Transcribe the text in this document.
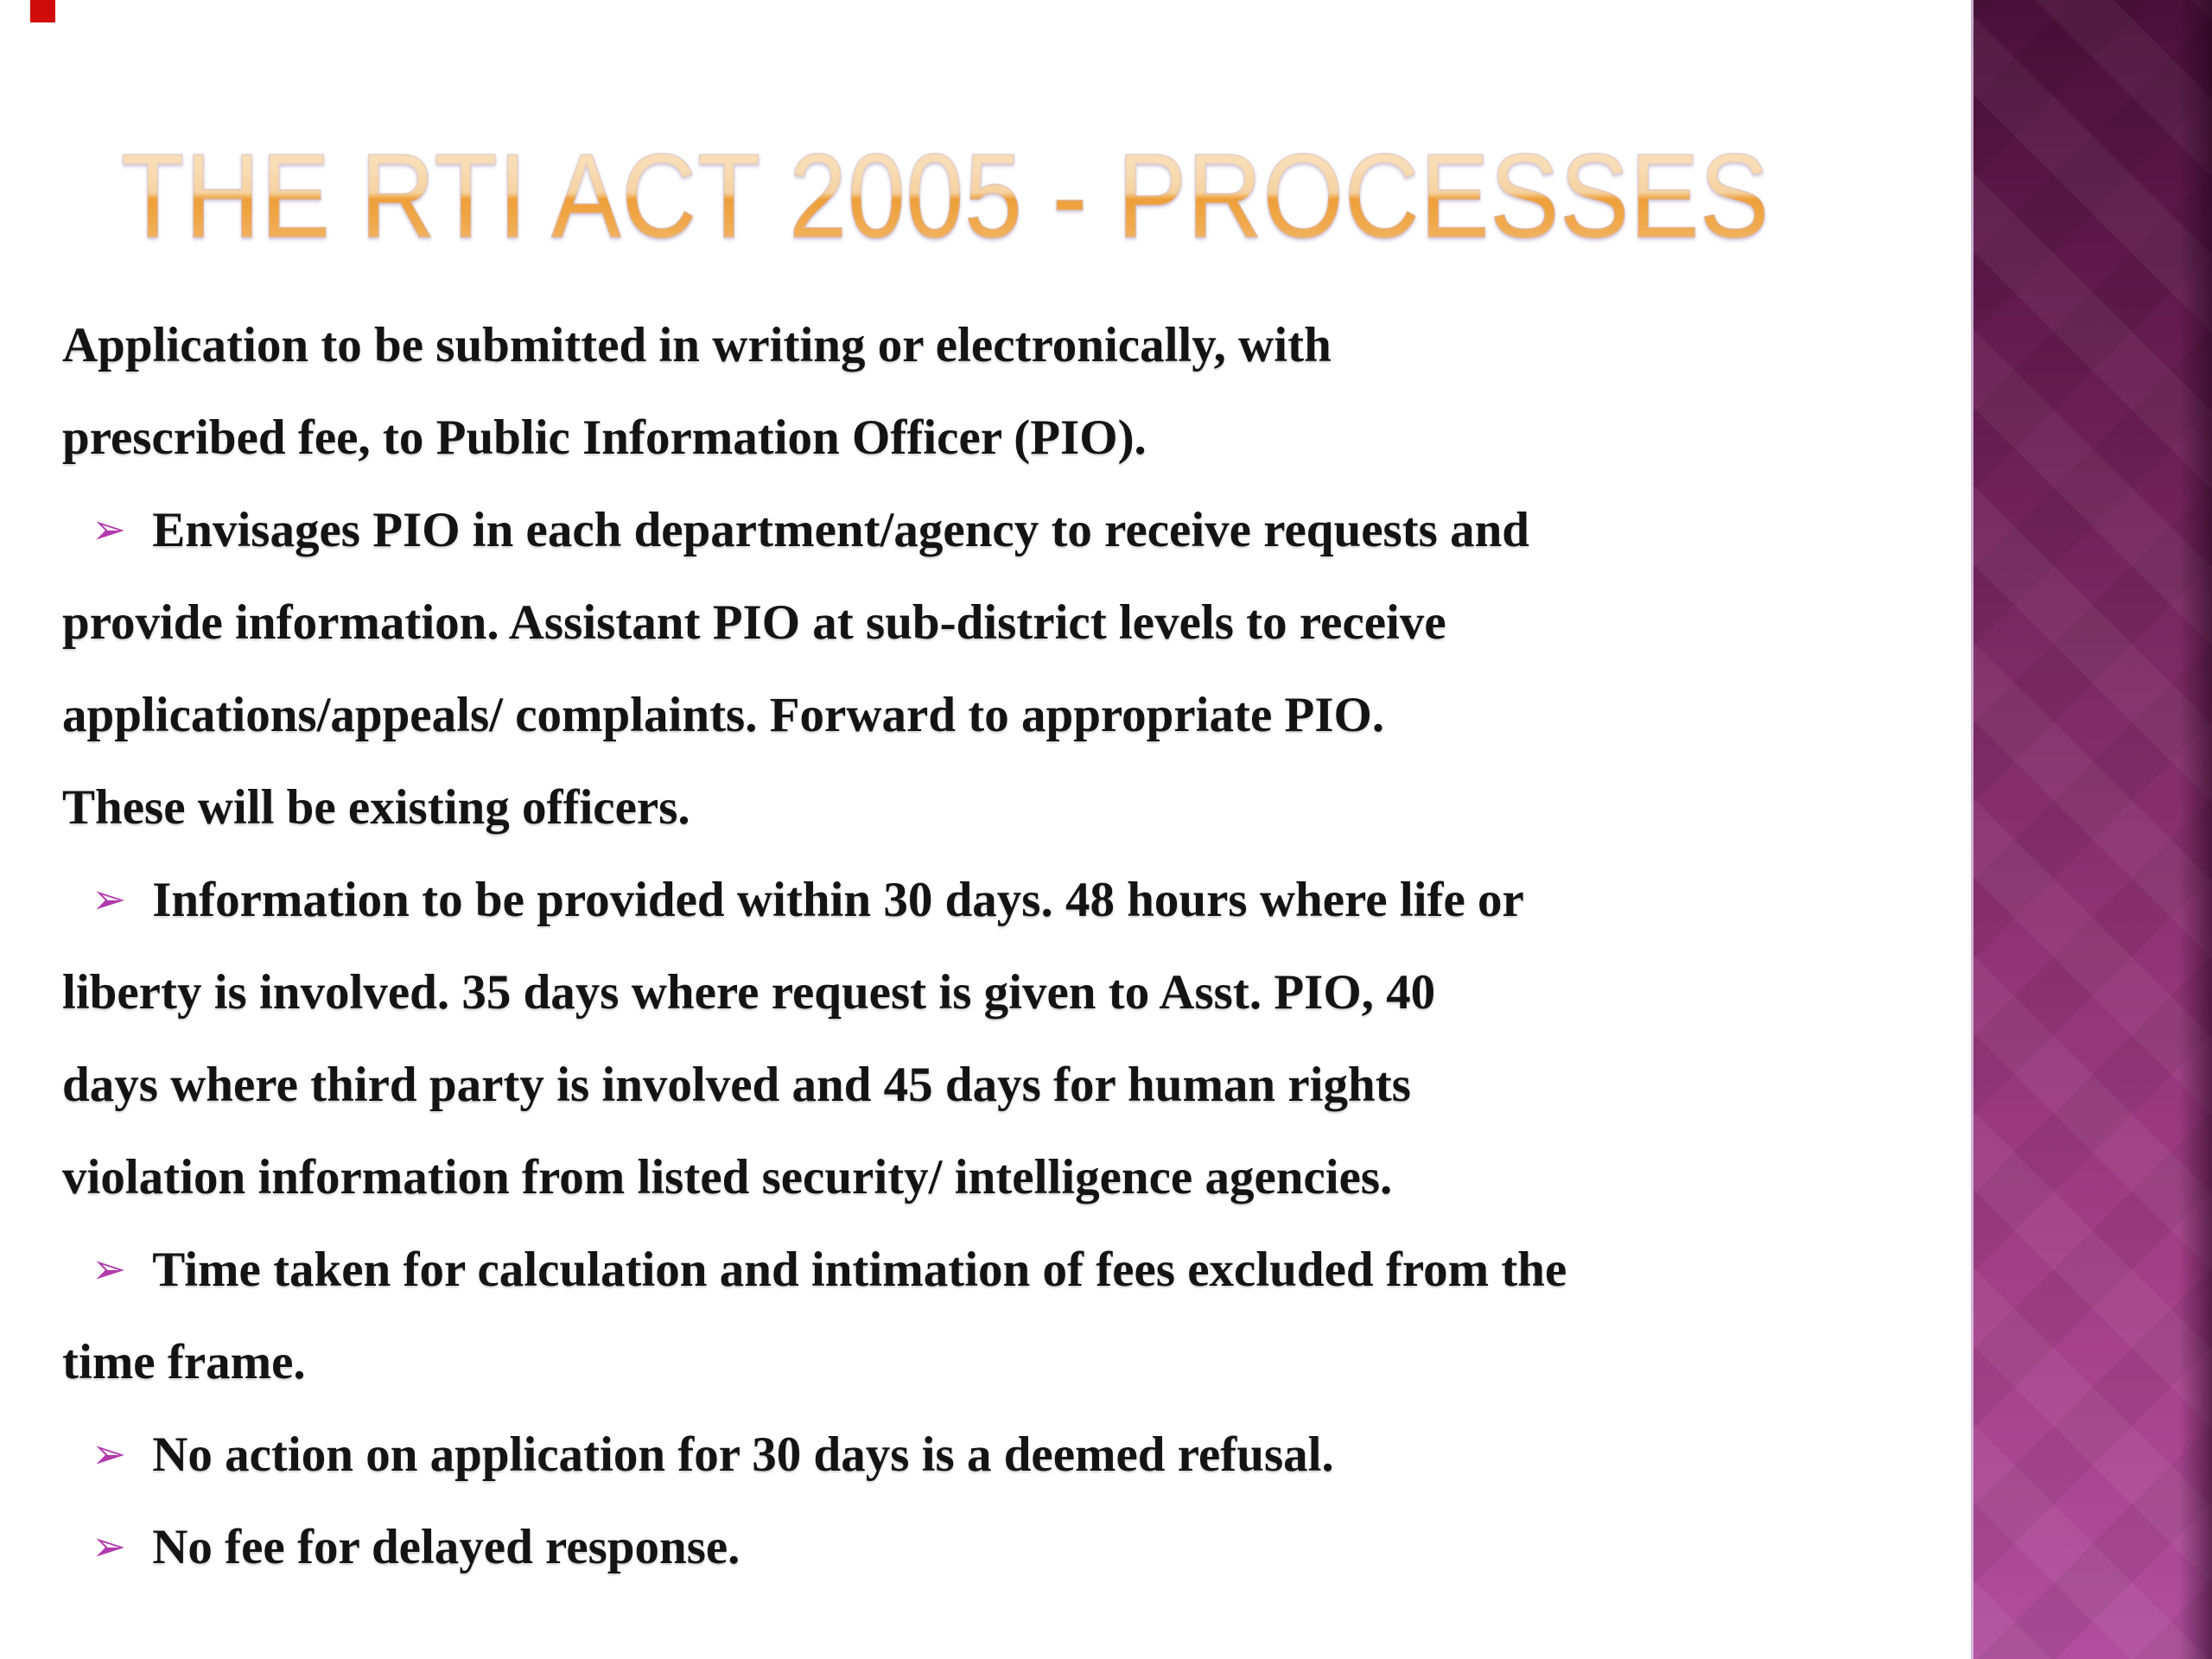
THE RTI ACT 2005 - PROCESSES
Application to be submitted in writing or electronically, with
prescribed fee, to Public Information Officer (PIO).
➢ Envisages PIO in each department/agency to receive requests and
provide information. Assistant PIO at sub-district levels to receive
applications/appeals/ complaints. Forward to appropriate PIO.
These will be existing officers.
➢ Information to be provided within 30 days. 48 hours where life or
liberty is involved. 35 days where request is given to Asst. PIO, 40
days where third party is involved and 45 days for human rights
violation information from listed security/ intelligence agencies.
➢ Time taken for calculation and intimation of fees excluded from the
time frame.
➢ No action on application for 30 days is a deemed refusal.
➢ No fee for delayed response.
